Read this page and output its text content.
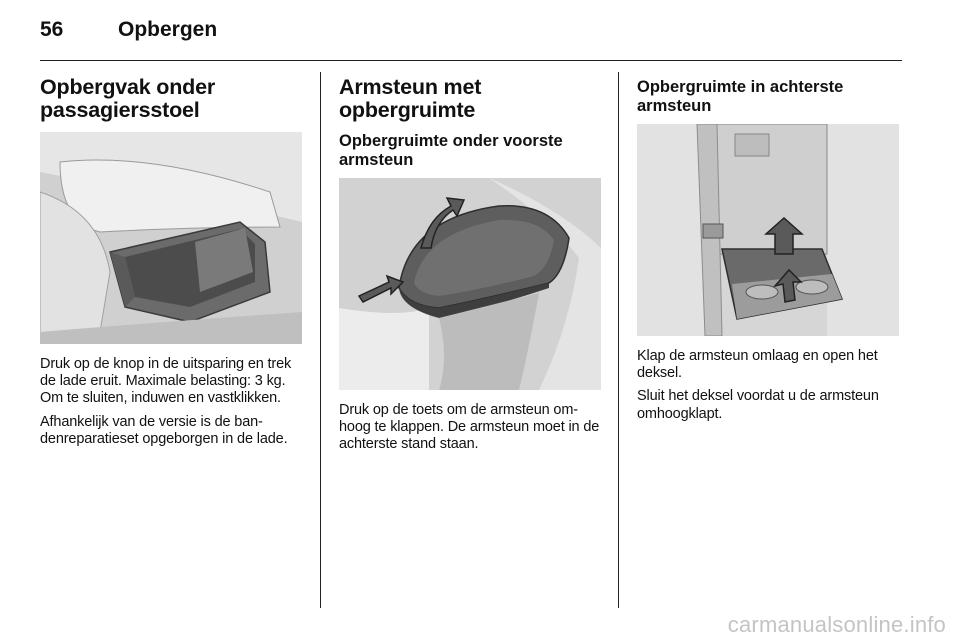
56	Opbergen
Opbergvak onder
passagiersstoel

Druk op de knop in de uitsparing en trek de lade eruit. Maximale belasting: 3 kg. Om te sluiten, induwen en vastklikken.

Afhankelijk van de versie is de bandenreparatieset opgeborgen in de lade.

Armsteun met
opbergruimte
Opbergruimte onder voorste
armsteun

Druk op de toets om de armsteun omhoog te klappen. De armsteun moet in de achterste stand staan.

Opbergruimte in achterste
armsteun

Klap de armsteun omlaag en open het deksel.

Sluit het deksel voordat u de armsteun omhoogklapt.

carmanualsonline.info
